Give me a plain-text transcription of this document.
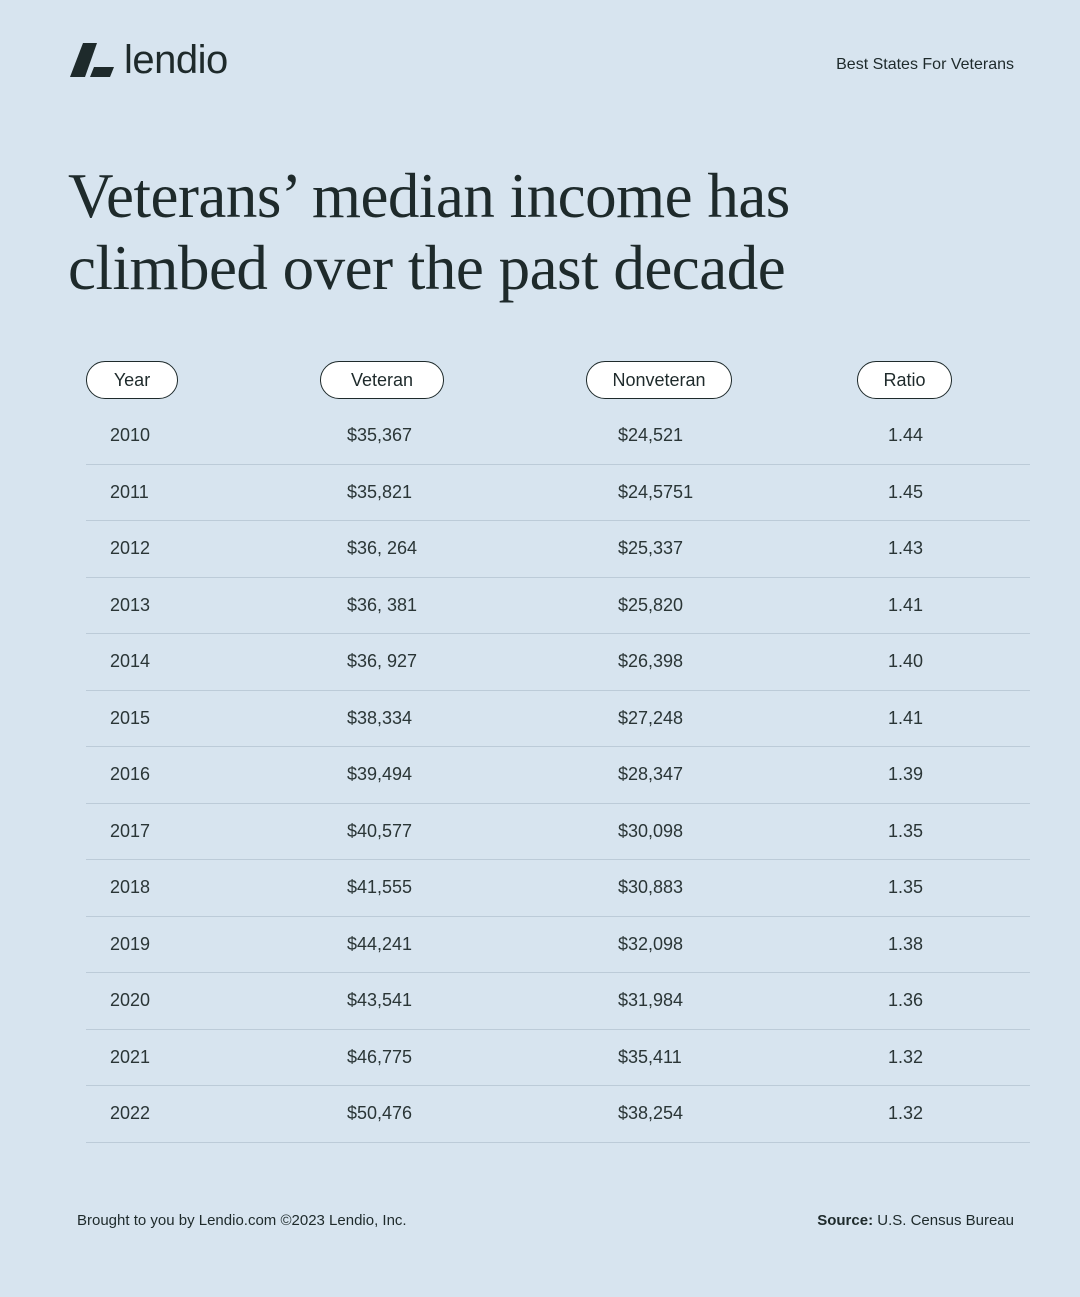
lendio	Best States For Veterans
Veterans’ median income has climbed over the past decade
Year	Veteran	Nonveteran	Ratio
2010	$35,367	$24,521	1.44
2011	$35,821	$24,5751	1.45
2012	$36, 264	$25,337	1.43
2013	$36, 381	$25,820	1.41
2014	$36, 927	$26,398	1.40
2015	$38,334	$27,248	1.41
2016	$39,494	$28,347	1.39
2017	$40,577	$30,098	1.35
2018	$41,555	$30,883	1.35
2019	$44,241	$32,098	1.38
2020	$43,541	$31,984	1.36
2021	$46,775	$35,411	1.32
2022	$50,476	$38,254	1.32
Brought to you by Lendio.com ©2023 Lendio, Inc.	Source: U.S. Census Bureau
